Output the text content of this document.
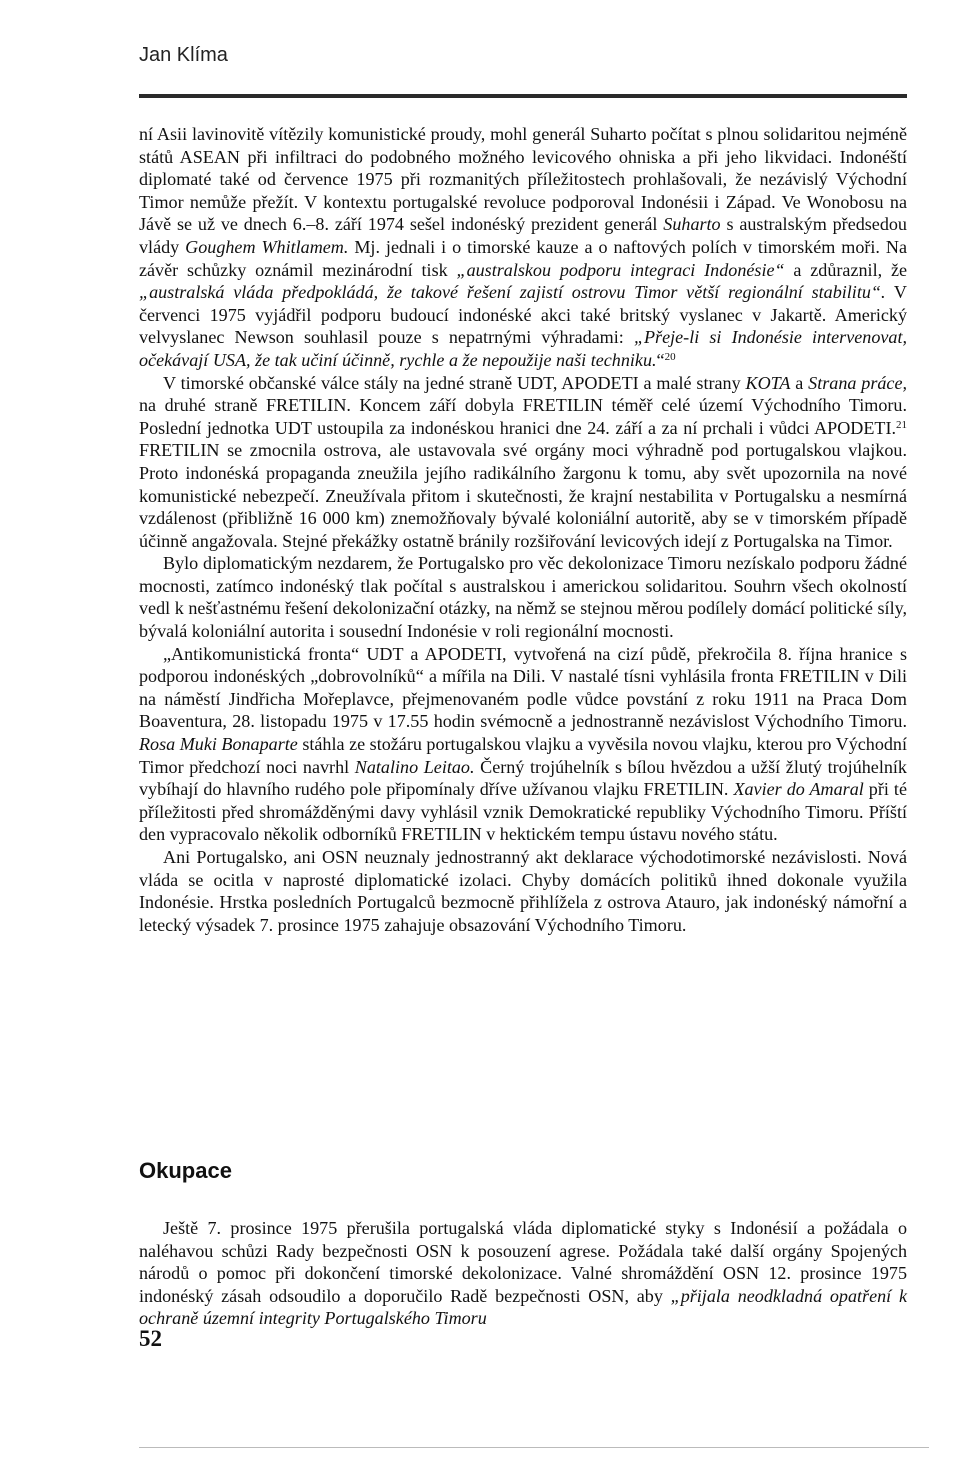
Jan Klíma

ní Asii lavinovitě vítězily komunistické proudy, mohl generál Suharto počítat s plnou solidaritou nejméně států ASEAN při infiltraci do podobného možného levicového ohniska a při jeho likvidaci. Indonéští diplomaté také od července 1975 při rozmanitých příležitostech prohlašovali, že nezávislý Východní Timor nemůže přežít. V kontextu portugalské revoluce podporoval Indonésii i Západ. Ve Wonobosu na Jávě se už ve dnech 6.–8. září 1974 sešel indonéský prezident generál Suharto s australským předsedou vlády Goughem Whitlamem. Mj. jednali i o timorské kauze a o naftových polích v timorském moři. Na závěr schůzky oznámil mezinárodní tisk „australskou podporu integraci Indonésie“ a zdůraznil, že „australská vláda předpokládá, že takové řešení zajistí ostrovu Timor větší regionální stabilitu“. V červenci 1975 vyjádřil podporu budoucí indonéské akci také britský vyslanec v Jakartě. Americký velvyslanec Newson souhlasil pouze s nepatrnými výhradami: „Přeje-li si Indonésie intervenovat, očekávají USA, že tak učiní účinně, rychle a že nepoužije naši techniku.“$^{20}$

V timorské občanské válce stály na jedné straně UDT, APODETI a malé strany KOTA a Strana práce, na druhé straně FRETILIN. Koncem září dobyla FRETILIN téměř celé území Východního Timoru. Poslední jednotka UDT ustoupila za indonéskou hranici dne 24. září a za ní prchali i vůdci APODETI.$^{21}$ FRETILIN se zmocnila ostrova, ale ustavovala své orgány moci výhradně pod portugalskou vlajkou. Proto indonéská propaganda zneužila jejího radikálního žargonu k tomu, aby svět upozornila na nové komunistické nebezpečí. Zneužívala přitom i skutečnosti, že krajní nestabilita v Portugalsku a nesmírná vzdálenost (přibližně 16 000 km) znemožňovaly bývalé koloniální autoritě, aby se v timorském případě účinně angažovala. Stejné překážky ostatně bránily rozšiřování levicových idejí z Portugalska na Timor.

Bylo diplomatickým nezdarem, že Portugalsko pro věc dekolonizace Timoru nezískalo podporu žádné mocnosti, zatímco indonéský tlak počítal s australskou i americkou solidaritou. Souhrn všech okolností vedl k nešťastnému řešení dekolonizační otázky, na němž se stejnou měrou podílely domácí politické síly, bývalá koloniální autorita i sousední Indonésie v roli regionální mocnosti.

„Antikomunistická fronta“ UDT a APODETI, vytvořená na cizí půdě, překročila 8. října hranice s podporou indonéských „dobrovolníků“ a mířila na Dili. V nastalé tísni vyhlásila fronta FRETILIN v Dili na náměstí Jindřicha Mořeplavce, přejmenovaném podle vůdce povstání z roku 1911 na Praca Dom Boaventura, 28. listopadu 1975 v 17.55 hodin svémocně a jednostranně nezávislost Východního Timoru. Rosa Muki Bonaparte stáhla ze stožáru portugalskou vlajku a vyvěsila novou vlajku, kterou pro Východní Timor předchozí noci navrhl Natalino Leitao. Černý trojúhelník s bílou hvězdou a užší žlutý trojúhelník vybíhají do hlavního rudého pole připomínaly dříve užívanou vlajku FRETILIN. Xavier do Amaral při té příležitosti před shromážděnými davy vyhlásil vznik Demokratické republiky Východního Timoru. Příští den vypracovalo několik odborníků FRETILIN v hektickém tempu ústavu nového státu.

Ani Portugalsko, ani OSN neuznaly jednostranný akt deklarace východotimorské nezávislosti. Nová vláda se ocitla v naprosté diplomatické izolaci. Chyby domácích politiků ihned dokonale využila Indonésie. Hrstka posledních Portugalců bezmocně přihlížela z ostrova Atauro, jak indonéský námořní a letecký výsadek 7. prosince 1975 zahajuje obsazování Východního Timoru.

Okupace

Ještě 7. prosince 1975 přerušila portugalská vláda diplomatické styky s Indonésií a požádala o naléhavou schůzi Rady bezpečnosti OSN k posouzení agrese. Požádala také další orgány Spojených národů o pomoc při dokončení timorské dekolonizace. Valné shromáždění OSN 12. prosince 1975 indonéský zásah odsoudilo a doporučilo Radě bezpečnosti OSN, aby „přijala neodkladná opatření k ochraně územní integrity Portugalského Timoru

52
